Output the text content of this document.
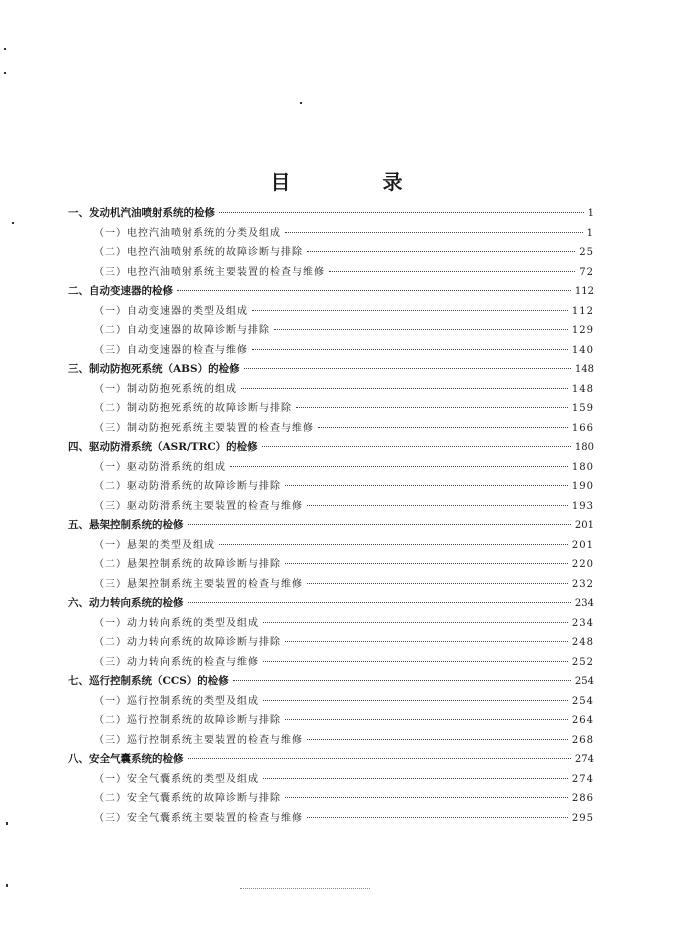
目　录
一、发动机汽油喷射系统的检修	1
（一）电控汽油喷射系统的分类及组成	1
（二）电控汽油喷射系统的故障诊断与排除	25
（三）电控汽油喷射系统主要装置的检查与维修	72
二、自动变速器的检修	112
（一）自动变速器的类型及组成	112
（二）自动变速器的故障诊断与排除	129
（三）自动变速器的检查与维修	140
三、制动防抱死系统（ABS）的检修	148
（一）制动防抱死系统的组成	148
（二）制动防抱死系统的故障诊断与排除	159
（三）制动防抱死系统主要装置的检查与维修	166
四、驱动防滑系统（ASR/TRC）的检修	180
（一）驱动防滑系统的组成	180
（二）驱动防滑系统的故障诊断与排除	190
（三）驱动防滑系统主要装置的检查与维修	193
五、悬架控制系统的检修	201
（一）悬架的类型及组成	201
（二）悬架控制系统的故障诊断与排除	220
（三）悬架控制系统主要装置的检查与维修	232
六、动力转向系统的检修	234
（一）动力转向系统的类型及组成	234
（二）动力转向系统的故障诊断与排除	248
（三）动力转向系统的检查与维修	252
七、巡行控制系统（CCS）的检修	254
（一）巡行控制系统的类型及组成	254
（二）巡行控制系统的故障诊断与排除	264
（三）巡行控制系统主要装置的检查与维修	268
八、安全气囊系统的检修	274
（一）安全气囊系统的类型及组成	274
（二）安全气囊系统的故障诊断与排除	286
（三）安全气囊系统主要装置的检查与维修	295
